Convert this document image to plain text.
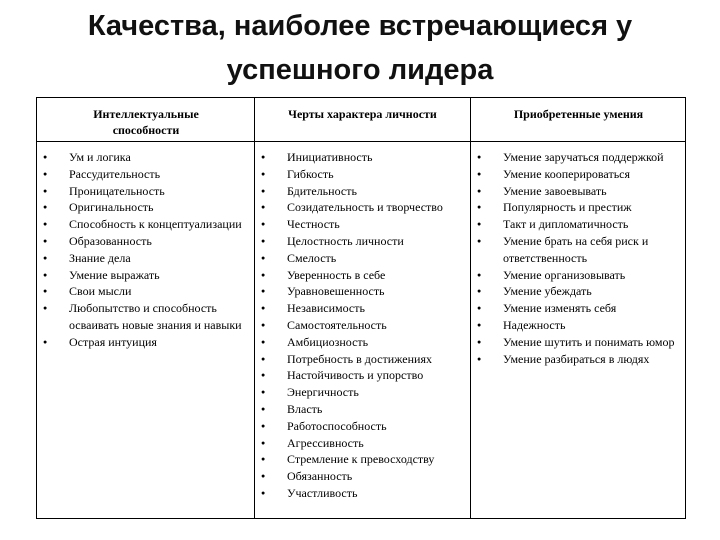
Качества, наиболее встречающиеся у
успешного лидера
Интеллектуальные способности
Черты характера личности	Приобретенные умения
● Ум и логика
● Рассудительность
● Проницательность
● Оригинальность
● Способность к концептуализации
● Образованность
● Знание дела
● Умение выражать
● Свои мысли
● Любопытство и способность осваивать новые знания и навыки
● Острая интуиция
● Инициативность
● Гибкость
● Бдительность
● Созидательность и творчество
● Честность
● Целостность личности
● Смелость
● Уверенность в себе
● Уравновешенность
● Независимость
● Самостоятельность
● Амбициозность
● Потребность в достижениях
● Настойчивость и упорство
● Энергичность
● Власть
● Работоспособность
● Агрессивность
● Стремление к превосходству
● Обязанность
● Участливость
● Умение заручаться поддержкой
● Умение кооперироваться
● Умение завоевывать
● Популярность и престиж
● Такт и дипломатичность
● Умение брать на себя риск и ответственность
● Умение организовывать
● Умение убеждать
● Умение изменять себя
● Надежность
● Умение шутить и понимать юмор
● Умение разбираться в людях
